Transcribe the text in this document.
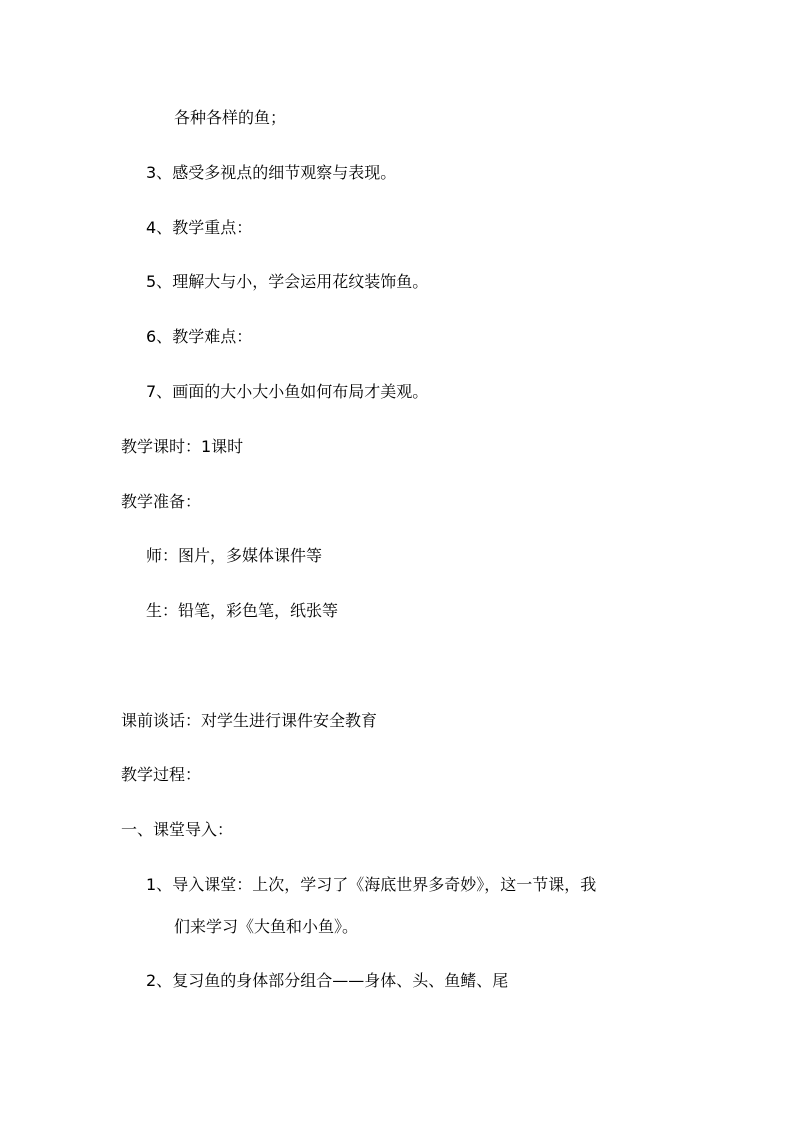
各种各样的鱼；
3、感受多视点的细节观察与表现。
4、教学重点：
5、理解大与小，学会运用花纹装饰鱼。
6、教学难点：
7、画面的大小大小鱼如何布局才美观。
教学课时：1课时
教学准备：
师：图片，多媒体课件等
生：铅笔，彩色笔，纸张等
课前谈话：对学生进行课件安全教育
教学过程：
一、课堂导入：
1、导入课堂：上次，学习了《海底世界多奇妙》，这一节课，我
们来学习《大鱼和小鱼》。
2、复习鱼的身体部分组合——身体、头、鱼鳍、尾
